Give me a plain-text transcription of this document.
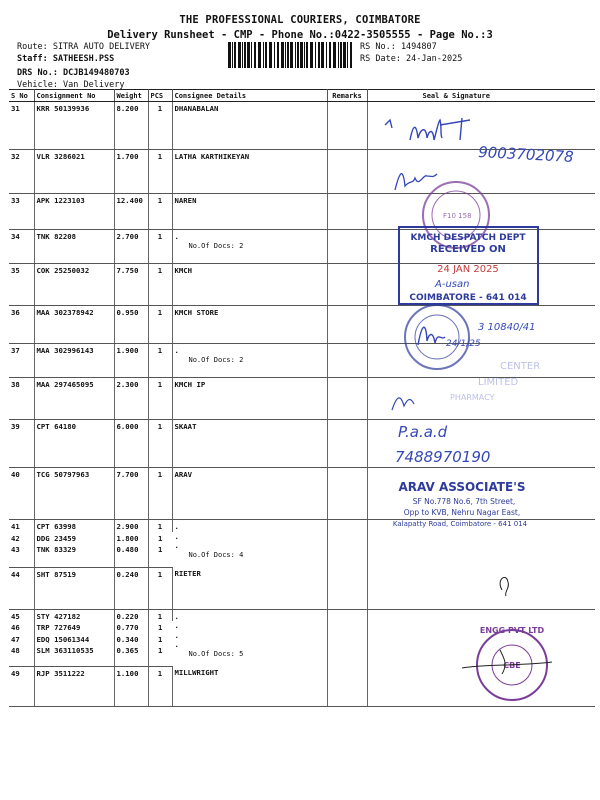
THE PROFESSIONAL COURIERS, COIMBATORE
Delivery Runsheet - CMP - Phone No.:0422-3505555 - Page No.:3
Route: SITRA AUTO DELIVERY
Staff: SATHEESH.PSS
DRS No.: DCJB149480703
Vehicle: Van Delivery
RS No.: 1494807
RS Date: 24-Jan-2025
S No	Consignment No	Weight	PCS	Consignee Details	Remarks	Seal & Signature
31	KRR 50139936	8.200	1	DHANABALAN		

32	VLR 3286021	1.700	1	LATHA KARTHIKEYAN		

33	APK 1223103	12.400	1	NAREN		

34	TNK 82208	2.700	1	.
No.Of Docs: 2		

35	COK 25250032	7.750	1	KMCH		

36	MAA 302378942	0.950	1	KMCH STORE		

37	MAA 302996143	1.900	1	.
No.Of Docs: 2		

38	MAA 297465095	2.300	1	KMCH IP		

39	CPT 64180	6.000	1	SKAAT		

40	TCG 50797963	7.700	1	ARAV		

41	CPT 63998	2.900	1	.
.
.
No.Of Docs: 4		

42	DDG 23459	1.800	1			
43	TNK 83329	0.480	1			
44	SHT 87519	0.240	1	RIETER		

45	STY 427182	0.220	1	.
.
.
.
No.Of Docs: 5		

46	TRP 727649	0.770	1			
47	EDQ 15061344	0.340	1			
48	SLM 363110535	0.365	1			
49	RJP 3511222	1.100	1	MILLWRIGHT		

9003702078
F10 158
KMCH DESPATCH DEPT
RECEIVED ON
24 JAN 2025
COIMBATORE - 641 014
A-usan
3 10840/41
24/1/25
CENTER
LIMITED
PHARMACY
P.a.a.d
7488970190
ARAV ASSOCIATE'S
SF No.778 No.6, 7th Street,
Opp to KVB, Nehru Nagar East,
Kalapatty Road, Coimbatore - 641 014
ENGG PVT LTD
CBE
